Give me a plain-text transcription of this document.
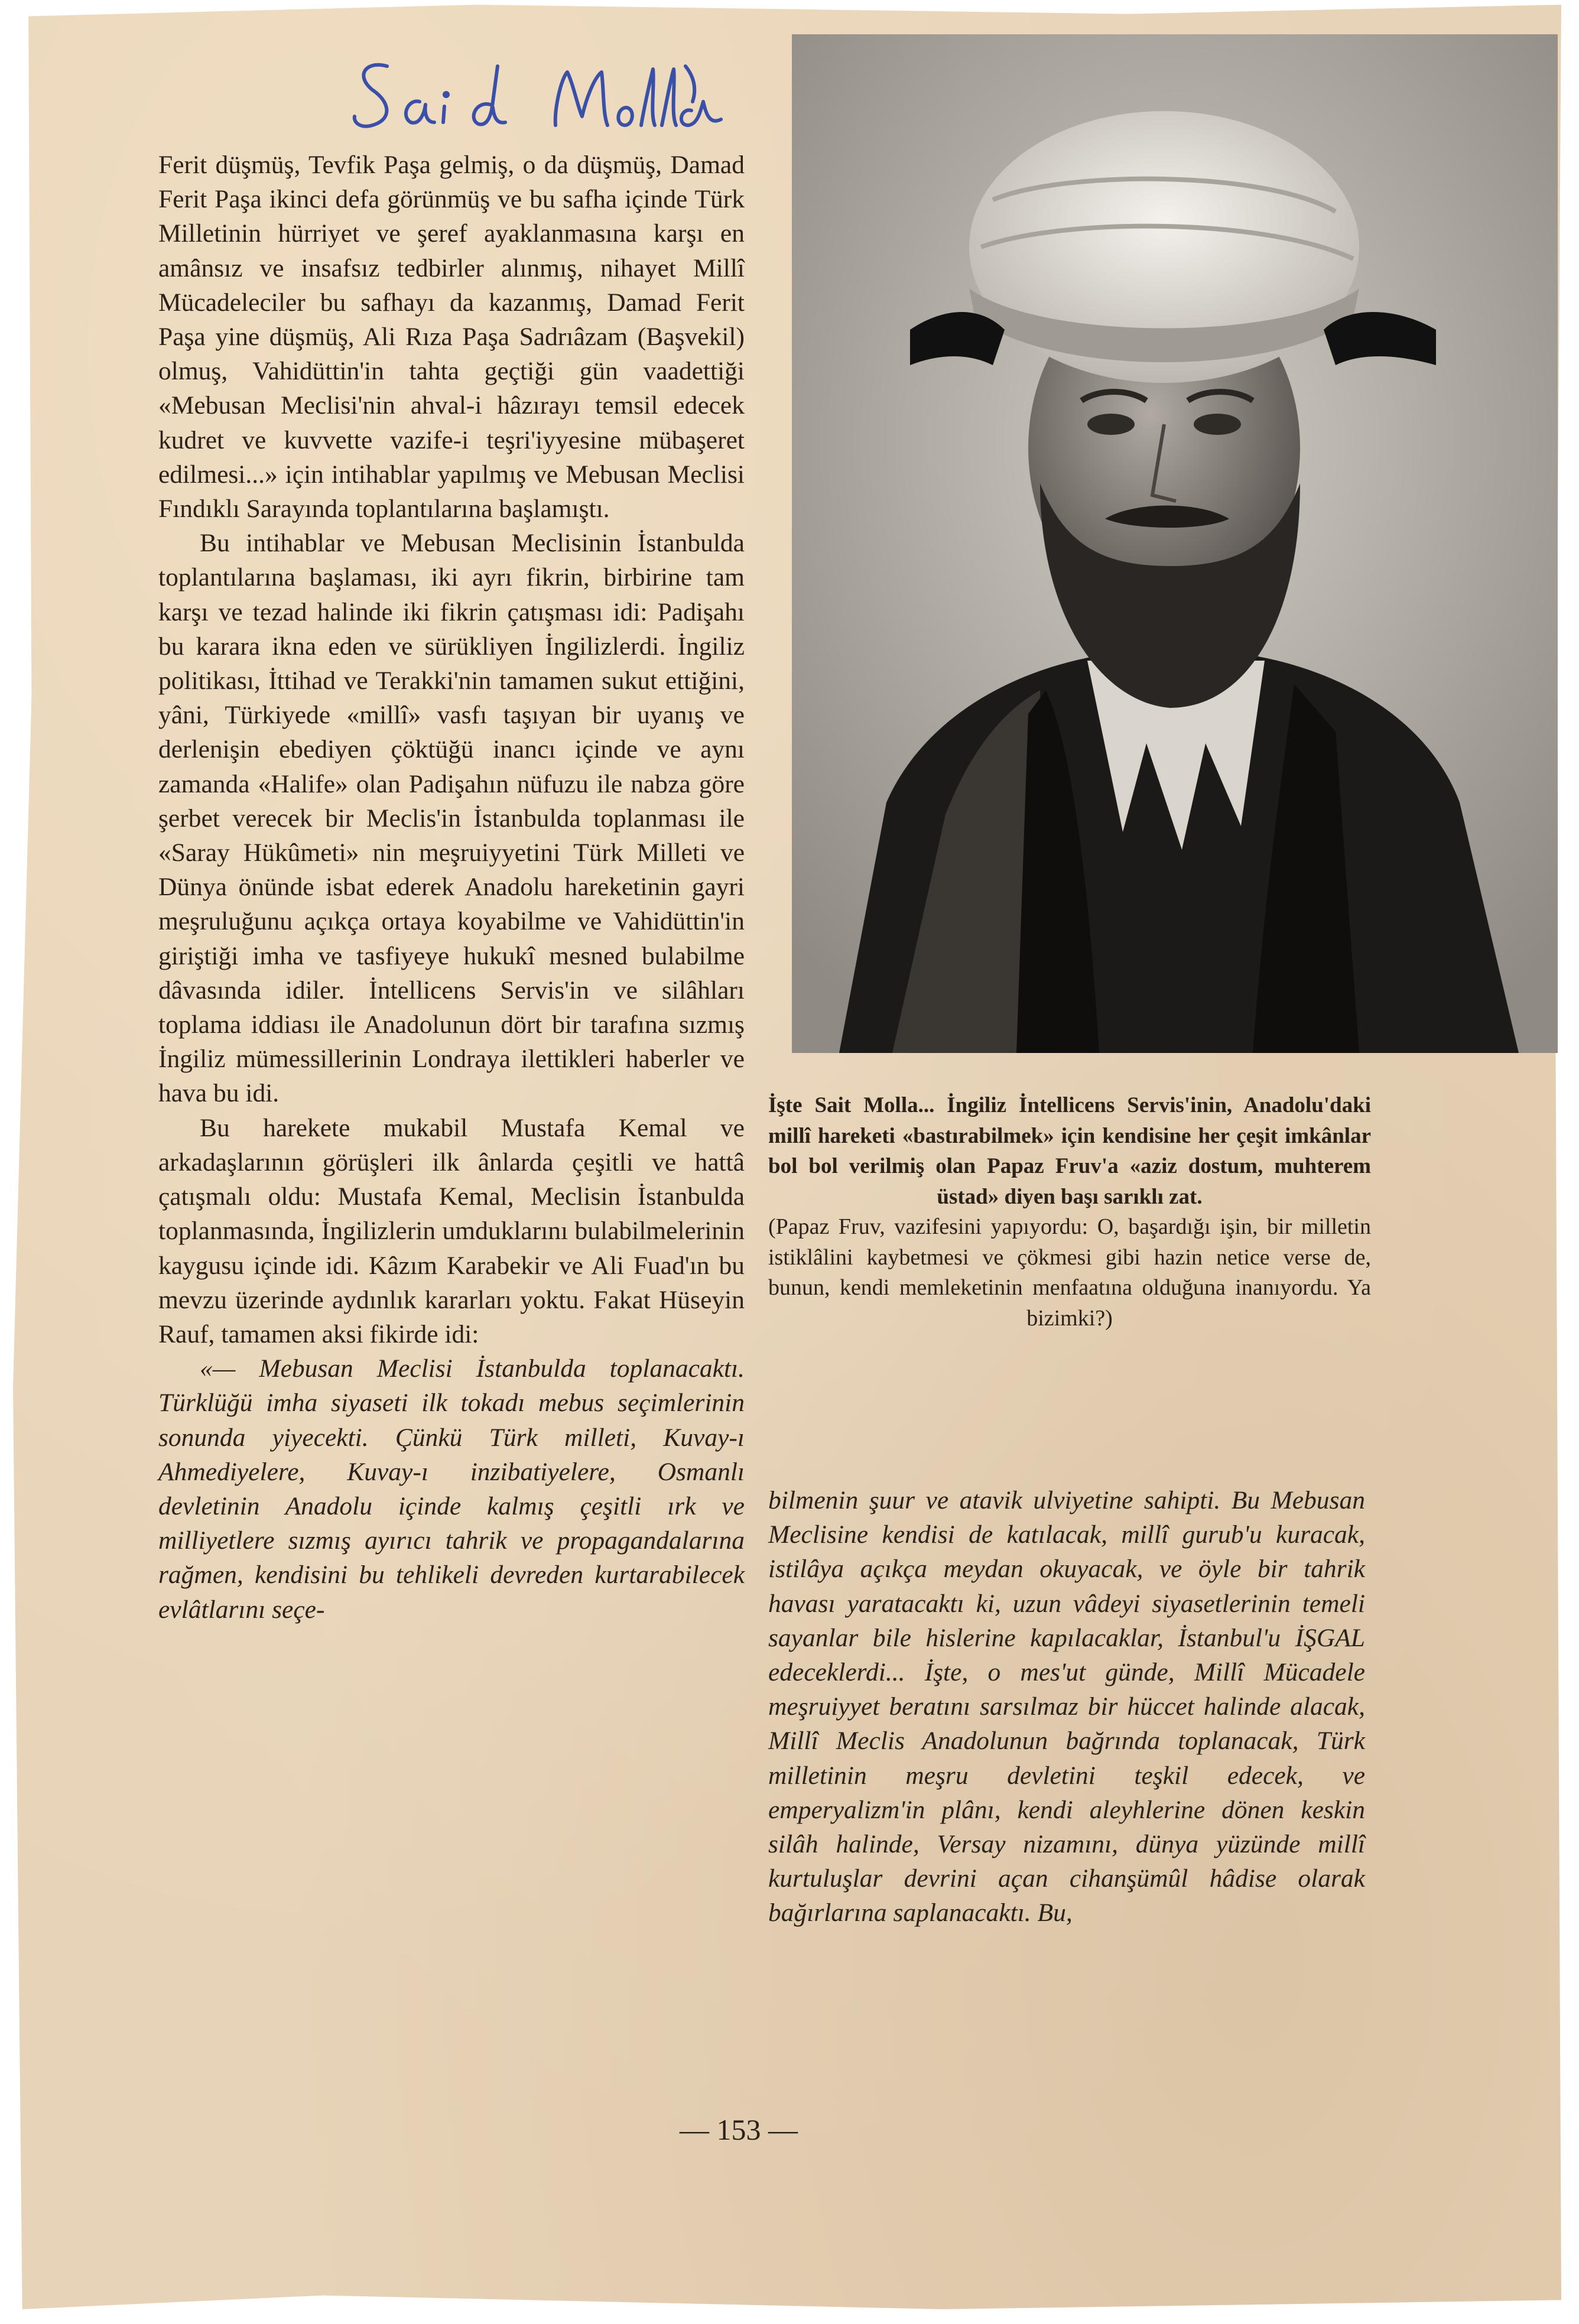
Ferit düşmüş, Tevfik Paşa gelmiş, o da düşmüş, Damad Ferit Paşa ikinci defa görünmüş ve bu safha içinde Türk Milletinin hürriyet ve şeref ayaklanmasına karşı en amânsız ve insafsız tedbirler alınmış, nihayet Millî Mücadeleciler bu safhayı da kazanmış, Damad Ferit Paşa yine düşmüş, Ali Rıza Paşa Sadrıâzam (Başvekil) olmuş, Vahidüttin'in tahta geçtiği gün vaadettiği «Mebusan Meclisi'nin ahval-i hâzırayı temsil edecek kudret ve kuvvette vazife-i teşri'iyyesine mübaşeret edilmesi...» için intihablar yapılmış ve Mebusan Meclisi Fındıklı Sarayında toplantılarına başlamıştı.

Bu intihablar ve Mebusan Meclisinin İstanbulda toplantılarına başlaması, iki ayrı fikrin, birbirine tam karşı ve tezad halinde iki fikrin çatışması idi: Padişahı bu karara ikna eden ve sürükliyen İngilizlerdi. İngiliz politikası, İttihad ve Terakki'nin tamamen sukut ettiğini, yâni, Türkiyede «millî» vasfı taşıyan bir uyanış ve derlenişin ebediyen çöktüğü inancı içinde ve aynı zamanda «Halife» olan Padişahın nüfuzu ile nabza göre şerbet verecek bir Meclis'in İstanbulda toplanması ile «Saray Hükûmeti» nin meşruiyyetini Türk Milleti ve Dünya önünde isbat ederek Anadolu hareketinin gayri meşruluğunu açıkça ortaya koyabilme ve Vahidüttin'in giriştiği imha ve tasfiyeye hukukî mesned bulabilme dâvasında idiler. İntellicens Servis'in ve silâhları toplama iddiası ile Anadolunun dört bir tarafına sızmış İngiliz mümessillerinin Londraya ilettikleri haberler ve hava bu idi.

Bu harekete mukabil Mustafa Kemal ve arkadaşlarının görüşleri ilk ânlarda çeşitli ve hattâ çatışmalı oldu: Mustafa Kemal, Meclisin İstanbulda toplanmasında, İngilizlerin umduklarını bulabilmelerinin kaygusu içinde idi. Kâzım Karabekir ve Ali Fuad'ın bu mevzu üzerinde aydınlık kararları yoktu. Fakat Hüseyin Rauf, tamamen aksi fikirde idi:

«— Mebusan Meclisi İstanbulda toplanacaktı. Türklüğü imha siyaseti ilk tokadı mebus seçimlerinin sonunda yiyecekti. Çünkü Türk milleti, Kuvay-ı Ahmediyelere, Kuvay-ı inzibatiyelere, Osmanlı devletinin Anadolu içinde kalmış çeşitli ırk ve milliyetlere sızmış ayırıcı tahrik ve propagandalarına rağmen, kendisini bu tehlikeli devreden kurtarabilecek evlâtlarını seçe-

İşte Sait Molla... İngiliz İntellicens Servis'inin, Anadolu'daki millî hareketi «bastırabilmek» için kendisine her çeşit imkânlar bol bol verilmiş olan Papaz Fruv'a «aziz dostum, muhterem üstad» diyen başı sarıklı zat.

(Papaz Fruv, vazifesini yapıyordu: O, başardığı işin, bir milletin istiklâlini kaybetmesi ve çökmesi gibi hazin netice verse de, bunun, kendi memleketinin menfaatına olduğuna inanıyordu. Ya bizimki?)

bilmenin şuur ve atavik ulviyetine sahipti. Bu Mebusan Meclisine kendisi de katılacak, millî gurub'u kuracak, istilâya açıkça meydan okuyacak, ve öyle bir tahrik havası yaratacaktı ki, uzun vâdeyi siyasetlerinin temeli sayanlar bile hislerine kapılacaklar, İstanbul'u İŞGAL edeceklerdi... İşte, o mes'ut günde, Millî Mücadele meşruiyyet beratını sarsılmaz bir hüccet halinde alacak, Millî Meclis Anadolunun bağrında toplanacak, Türk milletinin meşru devletini teşkil edecek, ve emperyalizm'in plânı, kendi aleyhlerine dönen keskin silâh halinde, Versay nizamını, dünya yüzünde millî kurtuluşlar devrini açan cihanşümûl hâdise olarak bağırlarına saplanacaktı. Bu,

— 153 —
